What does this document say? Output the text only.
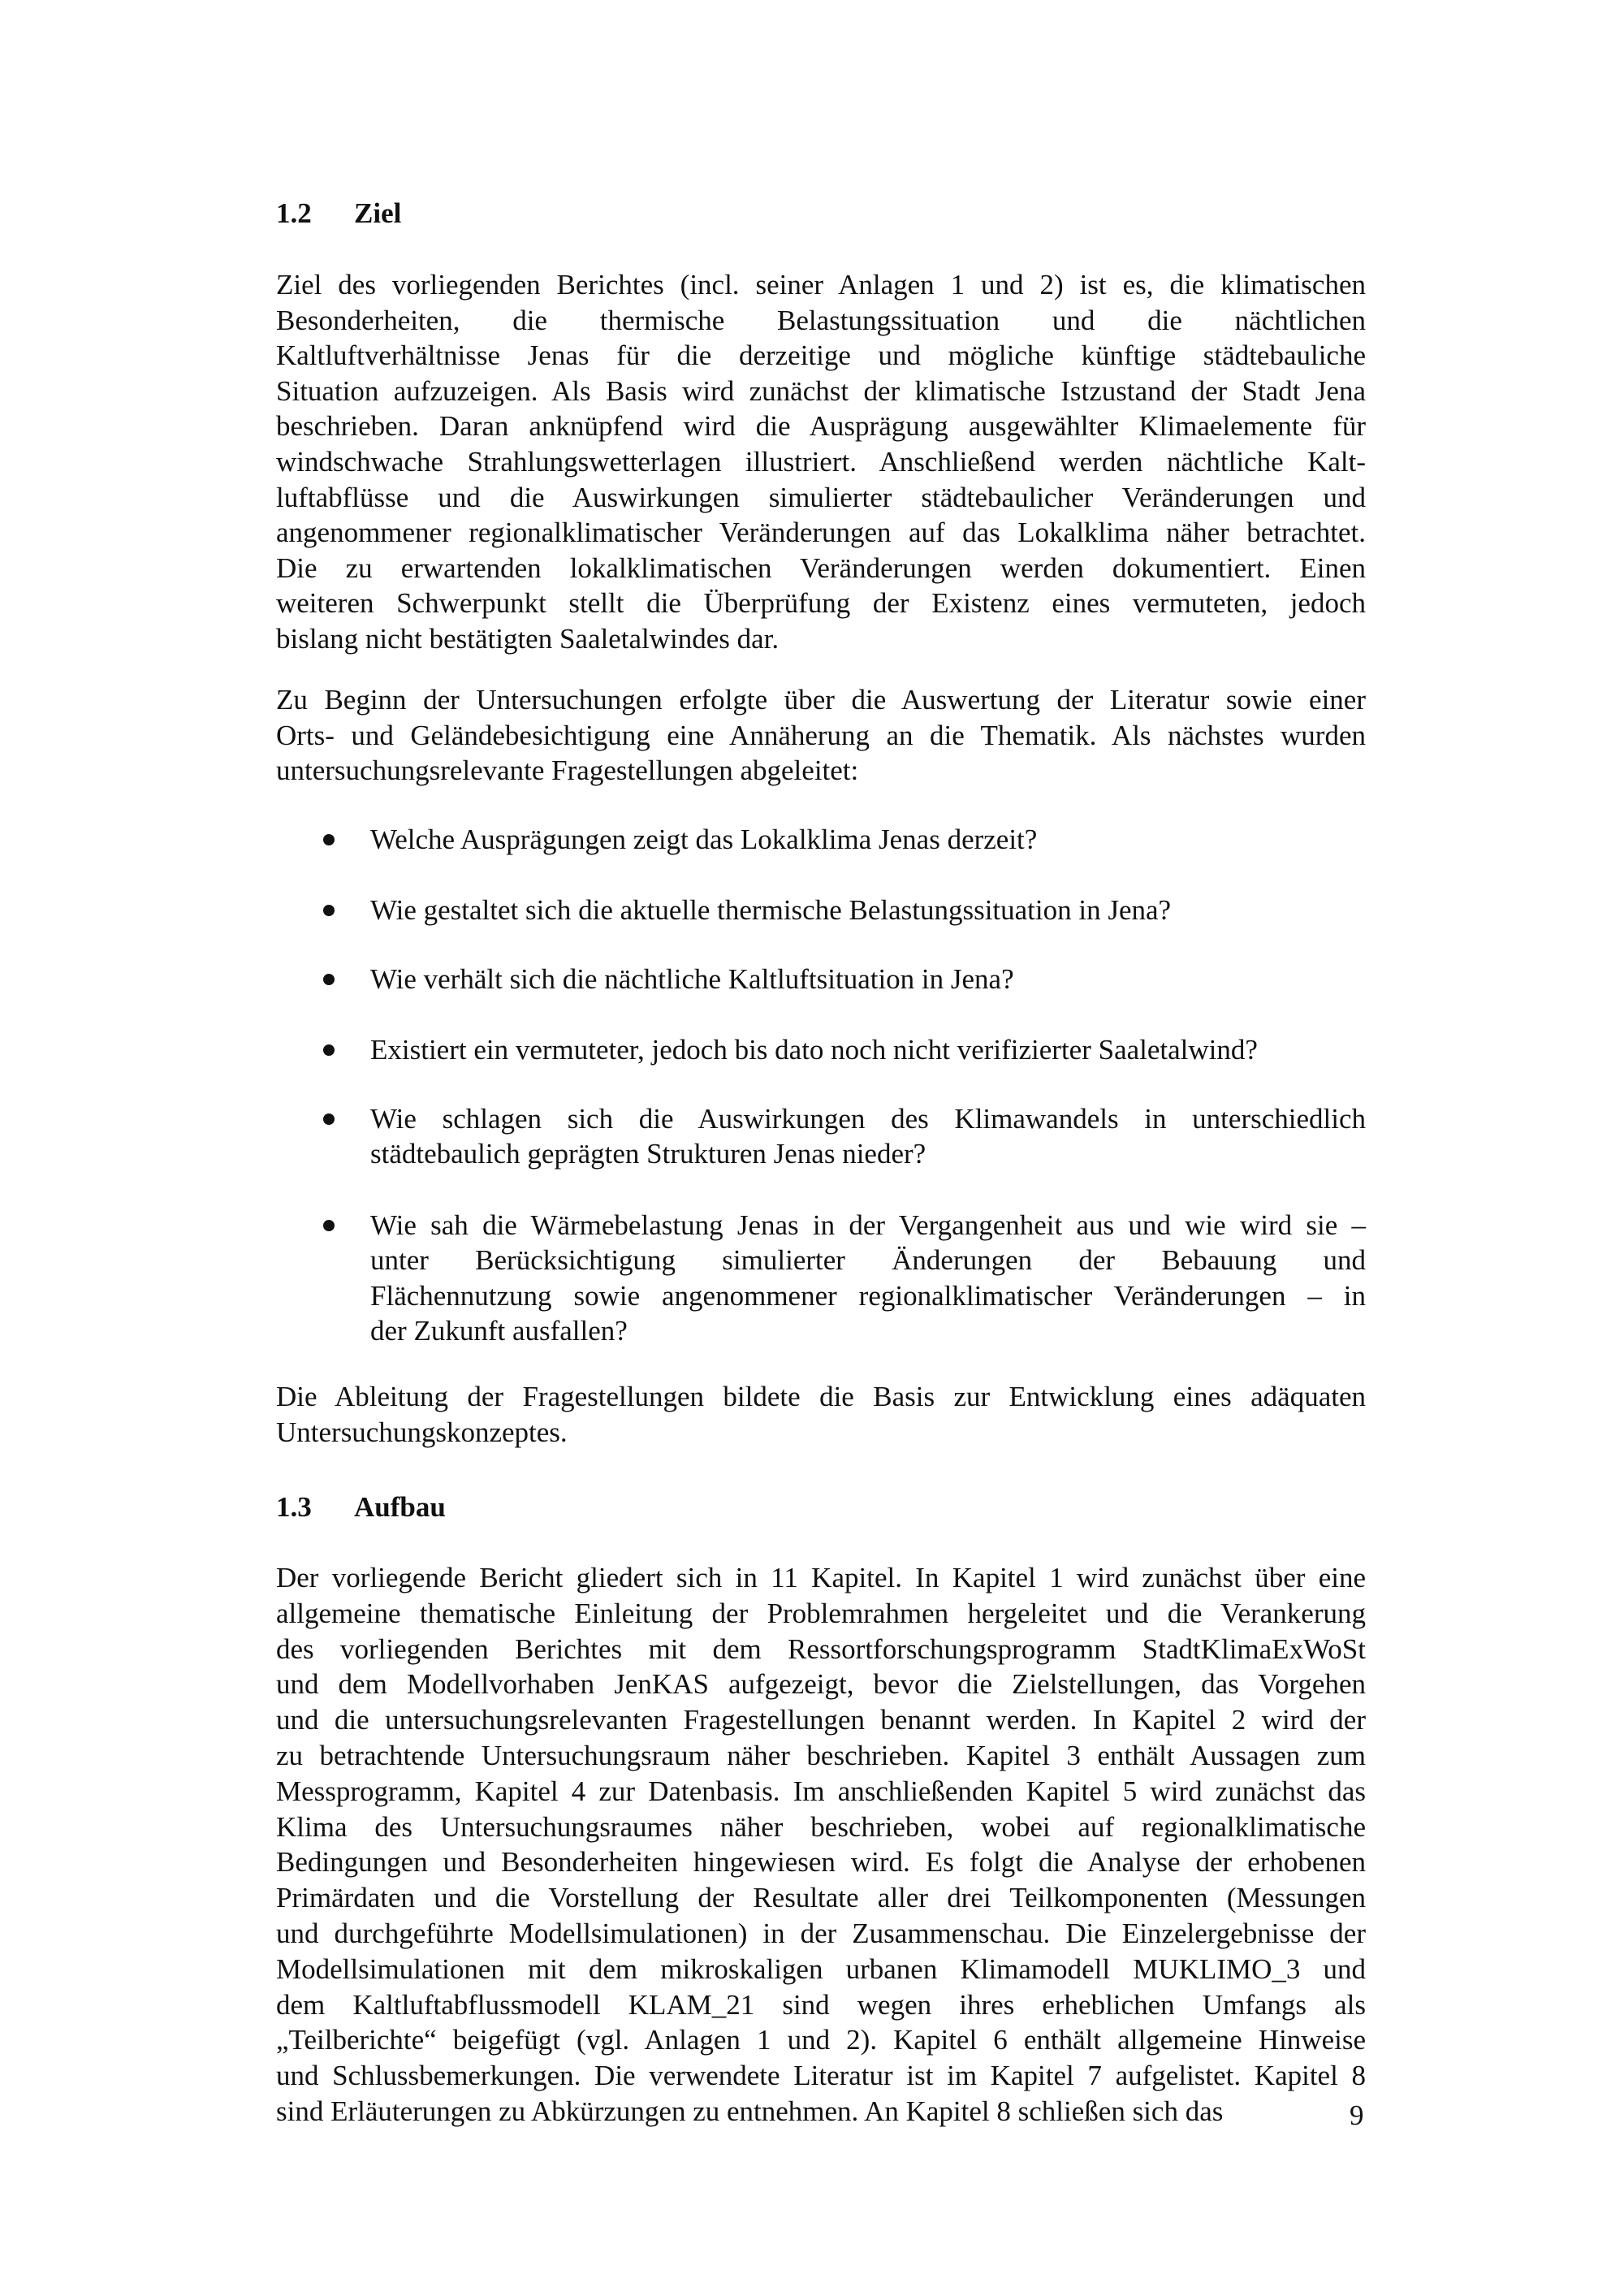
1.2 Ziel
1.3 Aufbau
9
Ziel des vorliegenden Berichtes (incl. seiner Anlagen 1 und 2) ist es, die klimatischen
Besonderheiten, die thermische Belastungssituation und die nächtlichen
Kaltluftverhältnisse Jenas für die derzeitige und mögliche künftige städtebauliche
Situation aufzuzeigen. Als Basis wird zunächst der klimatische Istzustand der Stadt Jena
beschrieben. Daran anknüpfend wird die Ausprägung ausgewählter Klimaelemente für
windschwache Strahlungswetterlagen illustriert. Anschließend werden nächtliche Kalt-
luftabflüsse und die Auswirkungen simulierter städtebaulicher Veränderungen und
angenommener regionalklimatischer Veränderungen auf das Lokalklima näher betrachtet.
Die zu erwartenden lokalklimatischen Veränderungen werden dokumentiert. Einen
weiteren Schwerpunkt stellt die Überprüfung der Existenz eines vermuteten, jedoch
bislang nicht bestätigten Saaletalwindes dar.
Zu Beginn der Untersuchungen erfolgte über die Auswertung der Literatur sowie einer
Orts- und Geländebesichtigung eine Annäherung an die Thematik. Als nächstes wurden
untersuchungsrelevante Fragestellungen abgeleitet:
Die Ableitung der Fragestellungen bildete die Basis zur Entwicklung eines adäquaten
Untersuchungskonzeptes.
Der vorliegende Bericht gliedert sich in 11 Kapitel. In Kapitel 1 wird zunächst über eine
allgemeine thematische Einleitung der Problemrahmen hergeleitet und die Verankerung
des vorliegenden Berichtes mit dem Ressortforschungsprogramm StadtKlimaExWoSt
und dem Modellvorhaben JenKAS aufgezeigt, bevor die Zielstellungen, das Vorgehen
und die untersuchungsrelevanten Fragestellungen benannt werden. In Kapitel 2 wird der
zu betrachtende Untersuchungsraum näher beschrieben. Kapitel 3 enthält Aussagen zum
Messprogramm, Kapitel 4 zur Datenbasis. Im anschließenden Kapitel 5 wird zunächst das
Klima des Untersuchungsraumes näher beschrieben, wobei auf regionalklimatische
Bedingungen und Besonderheiten hingewiesen wird. Es folgt die Analyse der erhobenen
Primärdaten und die Vorstellung der Resultate aller drei Teilkomponenten (Messungen
und durchgeführte Modellsimulationen) in der Zusammenschau. Die Einzelergebnisse der
Modellsimulationen mit dem mikroskaligen urbanen Klimamodell MUKLIMO_3 und
dem Kaltluftabflussmodell KLAM_21 sind wegen ihres erheblichen Umfangs als
„Teilberichte“ beigefügt (vgl. Anlagen 1 und 2). Kapitel 6 enthält allgemeine Hinweise
und Schlussbemerkungen. Die verwendete Literatur ist im Kapitel 7 aufgelistet. Kapitel 8
sind Erläuterungen zu Abkürzungen zu entnehmen. An Kapitel 8 schließen sich das
Welche Ausprägungen zeigt das Lokalklima Jenas derzeit?
Wie gestaltet sich die aktuelle thermische Belastungssituation in Jena?
Wie verhält sich die nächtliche Kaltluftsituation in Jena?
Existiert ein vermuteter, jedoch bis dato noch nicht verifizierter Saaletalwind?
Wie schlagen sich die Auswirkungen des Klimawandels in unterschiedlich
städtebaulich geprägten Strukturen Jenas nieder?
Wie sah die Wärmebelastung Jenas in der Vergangenheit aus und wie wird sie –
unter Berücksichtigung simulierter Änderungen der Bebauung und
Flächennutzung sowie angenommener regionalklimatischer Veränderungen – in
der Zukunft ausfallen?
